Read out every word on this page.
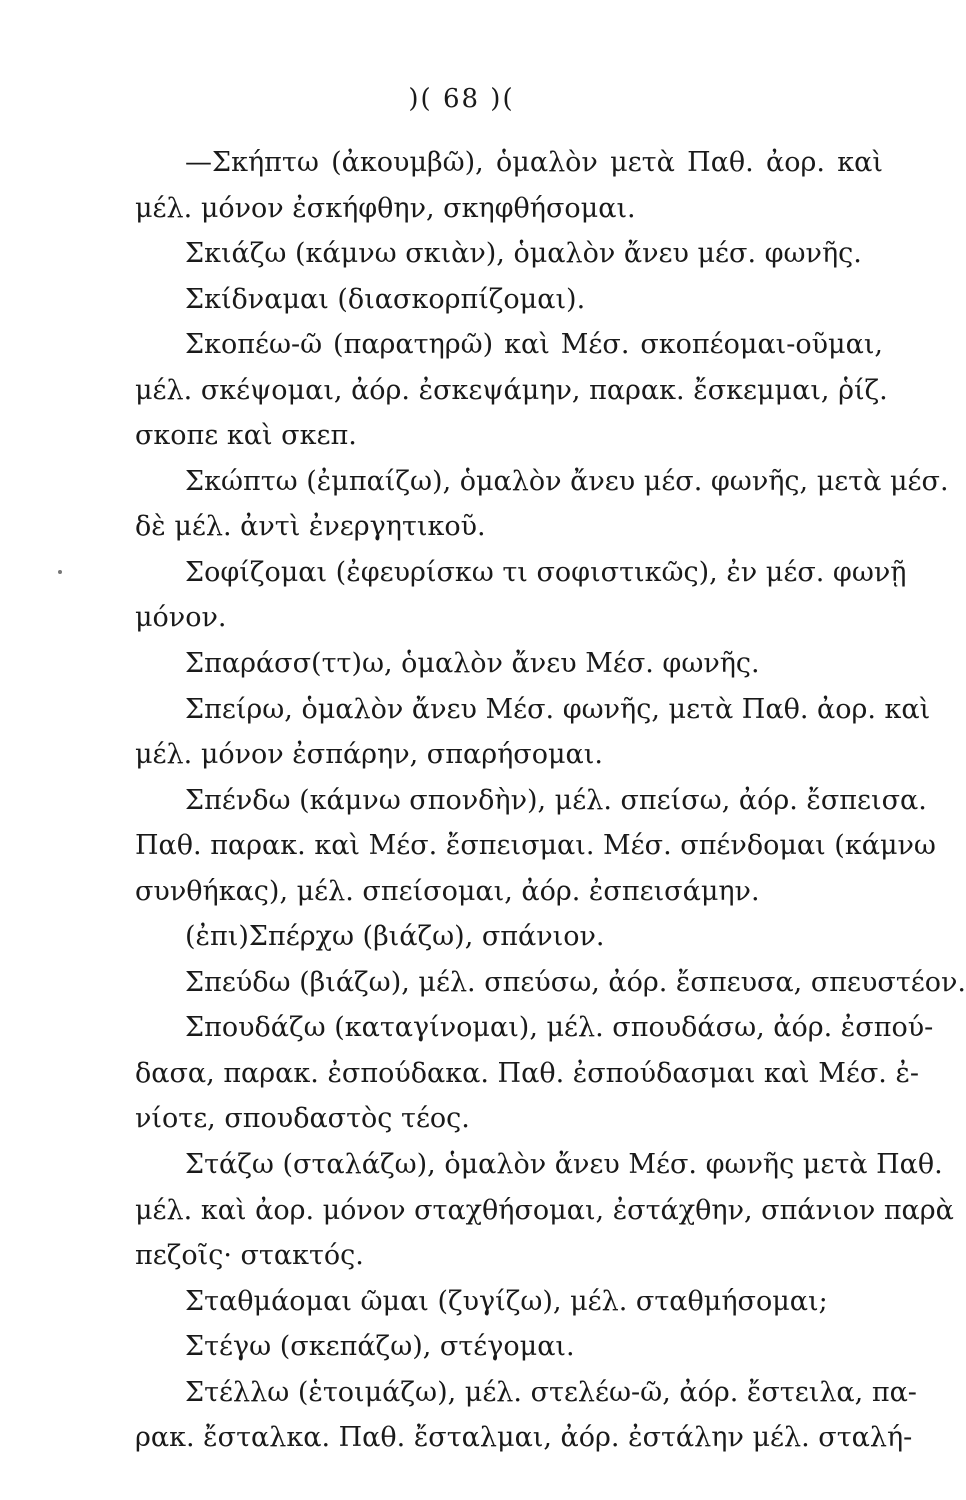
)( 68 )(
—Σκήπτω (ἀκουμβῶ), ὁμαλὸν μετὰ Παθ. ἀορ. καὶ
μέλ. μόνον ἐσκήφθην, σκηφθήσομαι.
Σκιάζω (κάμνω σκιὰν), ὁμαλὸν ἄνευ μέσ. φωνῆς.
Σκίδναμαι (διασκορπίζομαι).
Σκοπέω-ῶ (παρατηρῶ) καὶ Μέσ. σκοπέομαι-οῦμαι,
μέλ. σκέψομαι, ἀόρ. ἐσκεψάμην, παρακ. ἔσκεμμαι, ῥίζ.
σκοπε καὶ σκεπ.
Σκώπτω (ἐμπαίζω), ὁμαλὸν ἄνευ μέσ. φωνῆς, μετὰ μέσ.
δὲ μέλ. ἀντὶ ἐνεργητικοῦ.
Σοφίζομαι (ἐφευρίσκω τι σοφιστικῶς), ἐν μέσ. φωνῇ
μόνον.
Σπαράσσ(ττ)ω, ὁμαλὸν ἄνευ Μέσ. φωνῆς.
Σπείρω, ὁμαλὸν ἄνευ Μέσ. φωνῆς, μετὰ Παθ. ἀορ. καὶ
μέλ. μόνον ἐσπάρην, σπαρήσομαι.
Σπένδω (κάμνω σπονδὴν), μέλ. σπείσω, ἀόρ. ἔσπεισα.
Παθ. παρακ. καὶ Μέσ. ἔσπεισμαι. Μέσ. σπένδομαι (κάμνω
συνθήκας), μέλ. σπείσομαι, ἀόρ. ἐσπεισάμην.
(ἐπι)Σπέρχω (βιάζω), σπάνιον.
Σπεύδω (βιάζω), μέλ. σπεύσω, ἀόρ. ἔσπευσα, σπευστέον.
Σπουδάζω (καταγίνομαι), μέλ. σπουδάσω, ἀόρ. ἐσπού-
δασα, παρακ. ἐσπούδακα. Παθ. ἐσπούδασμαι καὶ Μέσ. ἐ-
νίοτε, σπουδαστὸς τέος.
Στάζω (σταλάζω), ὁμαλὸν ἄνευ Μέσ. φωνῆς μετὰ Παθ.
μέλ. καὶ ἀορ. μόνον σταχθήσομαι, ἐστάχθην, σπάνιον παρὰ
πεζοῖς· στακτός.
Σταθμάομαι ῶμαι (ζυγίζω), μέλ. σταθμήσομαι;
Στέγω (σκεπάζω), στέγομαι.
Στέλλω (ἑτοιμάζω), μέλ. στελέω-ῶ, ἀόρ. ἔστειλα, πα-
ρακ. ἔσταλκα. Παθ. ἔσταλμαι, ἀόρ. ἐστάλην μέλ. σταλή-
